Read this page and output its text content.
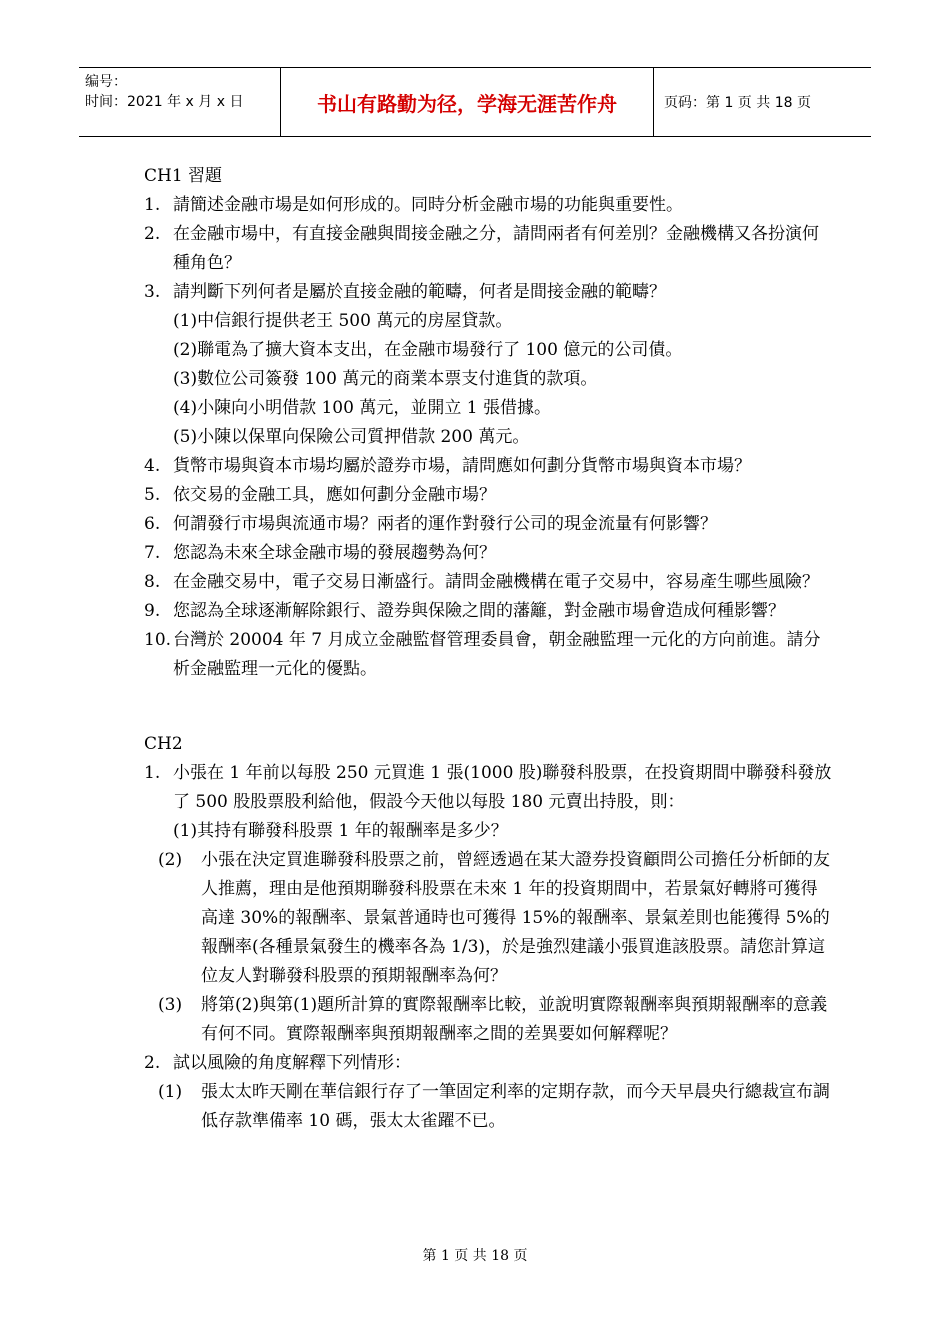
编号：
时间：2021 年 x 月 x 日	书山有路勤为径，学海无涯苦作舟	页码：第 1 页 共 18 页
CH1 習題
1. 請簡述金融市場是如何形成的。同時分析金融市場的功能與重要性。
2. 在金融市場中，有直接金融與間接金融之分，請問兩者有何差別？金融機構又各扮演何種角色？
3. 請判斷下列何者是屬於直接金融的範疇，何者是間接金融的範疇？
(1)中信銀行提供老王 500 萬元的房屋貸款。
(2)聯電為了擴大資本支出，在金融市場發行了 100 億元的公司債。
(3)數位公司簽發 100 萬元的商業本票支付進貨的款項。
(4)小陳向小明借款 100 萬元，並開立 1 張借據。
(5)小陳以保單向保險公司質押借款 200 萬元。
4. 貨幣市場與資本市場均屬於證券市場，請問應如何劃分貨幣市場與資本市場？
5. 依交易的金融工具，應如何劃分金融市場？
6. 何謂發行市場與流通市場？兩者的運作對發行公司的現金流量有何影響？
7. 您認為未來全球金融市場的發展趨勢為何？
8. 在金融交易中，電子交易日漸盛行。請問金融機構在電子交易中，容易產生哪些風險？
9. 您認為全球逐漸解除銀行、證券與保險之間的藩籬，對金融市場會造成何種影響？
10. 台灣於 20004 年 7 月成立金融監督管理委員會，朝金融監理一元化的方向前進。請分析金融監理一元化的優點。
CH2
1. 小張在 1 年前以每股 250 元買進 1 張(1000 股)聯發科股票，在投資期間中聯發科發放了 500 股股票股利給他，假設今天他以每股 180 元賣出持股，則：
(1)其持有聯發科股票 1 年的報酬率是多少？
(2) 小張在決定買進聯發科股票之前，曾經透過在某大證券投資顧問公司擔任分析師的友人推薦，理由是他預期聯發科股票在未來 1 年的投資期間中，若景氣好轉將可獲得高達 30%的報酬率、景氣普通時也可獲得 15%的報酬率、景氣差則也能獲得 5%的報酬率(各種景氣發生的機率各為 1/3)，於是強烈建議小張買進該股票。請您計算這位友人對聯發科股票的預期報酬率為何？
(3) 將第(2)與第(1)題所計算的實際報酬率比較，並說明實際報酬率與預期報酬率的意義有何不同。實際報酬率與預期報酬率之間的差異要如何解釋呢？
2. 試以風險的角度解釋下列情形：
(1) 張太太昨天剛在華信銀行存了一筆固定利率的定期存款，而今天早晨央行總裁宣布調低存款準備率 10 碼，張太太雀躍不已。
第 1 页 共 18 页
